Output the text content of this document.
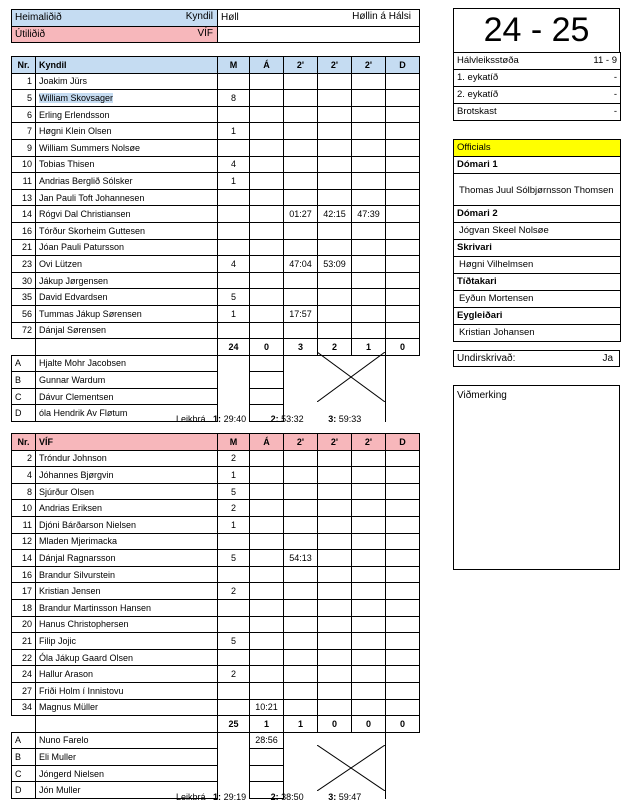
Heimaliðið Kyndil	Høll Høllin á Hálsi

Útiliðið VÍF	

Nr.	Kyndil	M	Á	2'	2'	2'	D
1	Joakim Jürs						
5	William Skovsager	8					
6	Erling Erlendsson						
7	Høgni Klein Olsen	1					
9	William Summers Nolsøe						
10	Tobias Thisen	4					
11	Andrias Berglið Sólsker	1					
13	Jan Pauli Toft Johannesen						
14	Rógvi Dal Christiansen			01:27	42:15	47:39	
16	Tórður Skorheim Guttesen						
21	Jóan Pauli Patursson						
23	Ovi Lützen	4		47:04	53:09		
30	Jákup Jørgensen						
35	David Edvardsen	5					
56	Tummas Jákup Sørensen	1		17:57			
72	Dánjal Sørensen						
		24	0	3	2	1	0
A	Hjalte Mohr Jacobsen						
B	Gunnar Wardum						
C	Dávur Clementsen						
D	óla Hendrik Av Fløtum						
Leikbrá 1: 29:40	2: 53:32	3: 59:33
Nr.	VÍF	M	Á	2'	2'	2'	D
2	Tróndur Johnson	2					
4	Jóhannes Bjørgvin	1					
8	Sjúrður Olsen	5					
10	Andrias Eriksen	2					
11	Djóni Bárðarson Nielsen	1					
12	Mladen Mjerimacka						
14	Dánjal Ragnarsson	5		54:13			
16	Brandur Silvurstein						
17	Kristian Jensen	2					
18	Brandur Martinsson Hansen						
20	Hanus Christophersen						
21	Filip Jojic	5					
22	Óla Jákup Gaard Olsen						
24	Hallur Arason	2					
27	Friði Holm í Innistovu						
34	Magnus Müller		10:21				
		25	1	1	0	0	0
A	Nuno Farelo		28:56				
B	Eli Muller						
C	Jóngerd Nielsen						
D	Jón Muller						
Leikbrá 1: 29:19	2: 38:50	3: 59:47
24 - 25
Hálvleiksstøða	11 - 9
1. eykatíð	-
2. eykatíð	-
Brotskast	-
Officials
Dómari 1
Thomas Juul Sólbjørnsson Thomsen
Dómari 2
Jógvan Skeel Nolsøe
Skrivari
Høgni Vilhelmsen
Tíðtakari
Eyðun Mortensen
Eygleiðari
Kristian Johansen
Undirskrivað:	Ja
Viðmerking
